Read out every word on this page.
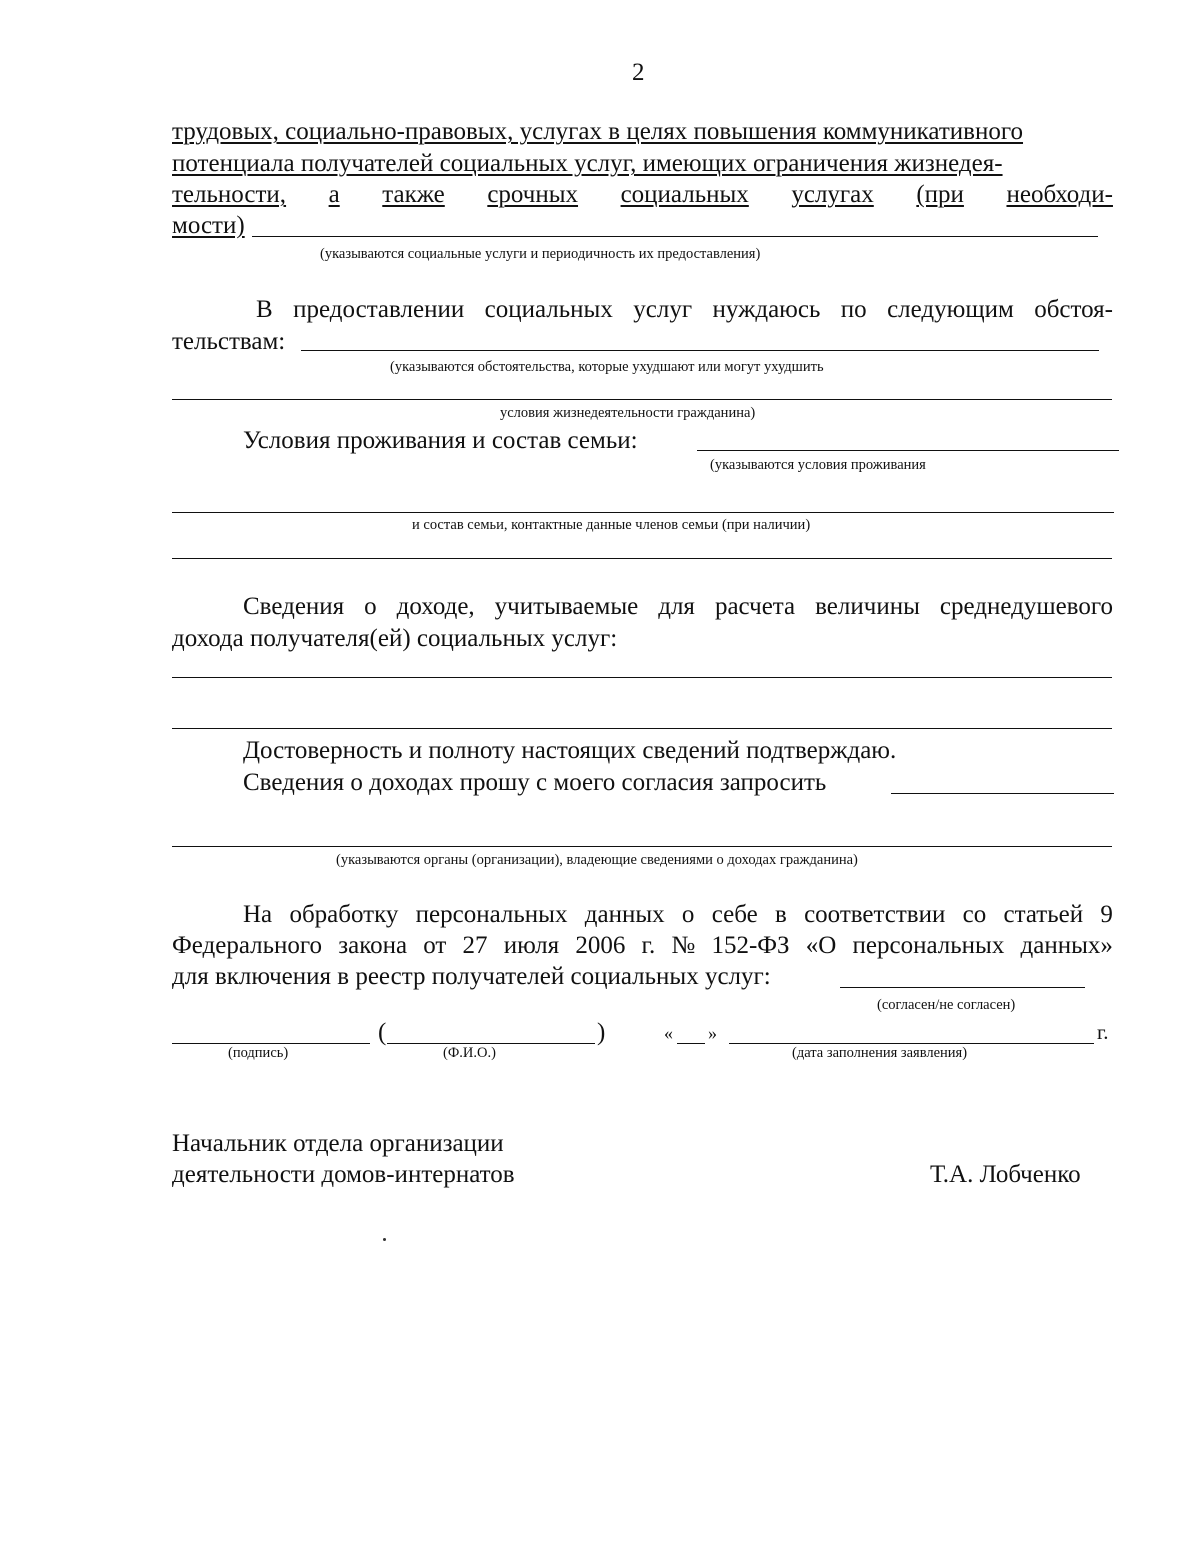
2
трудовых, социально-правовых, услугах в целях повышения коммуникативного
потенциала получателей социальных услуг, имеющих ограничения жизнедея-
тельности, а также срочных социальных услугах (при необходи-
мости)
(указываются социальные услуги и периодичность их предоставления)
В предоставлении социальных услуг нуждаюсь по следующим обстоя-
тельствам:
(указываются обстоятельства, которые ухудшают или могут ухудшить
условия жизнедеятельности гражданина)
Условия проживания и состав семьи:
(указываются условия проживания
и состав семьи, контактные данные членов семьи (при наличии)
Сведения о доходе, учитываемые для расчета величины среднедушевого
дохода получателя(ей) социальных услуг:
Достоверность и полноту настоящих сведений подтверждаю.
Сведения о доходах прошу с моего согласия запросить
(указываются органы (организации), владеющие сведениями о доходах гражданина)
На обработку персональных данных о себе в соответствии со статьей 9
Федерального закона от 27 июля 2006 г. № 152-ФЗ «О персональных данных»
для включения в реестр получателей социальных услуг:
(согласен/не согласен)
(	)
(подпись)	(Ф.И.О.)
« »	г.
(дата заполнения заявления)
Начальник отдела организации
деятельности домов-интернатов	Т.А. Лобченко
